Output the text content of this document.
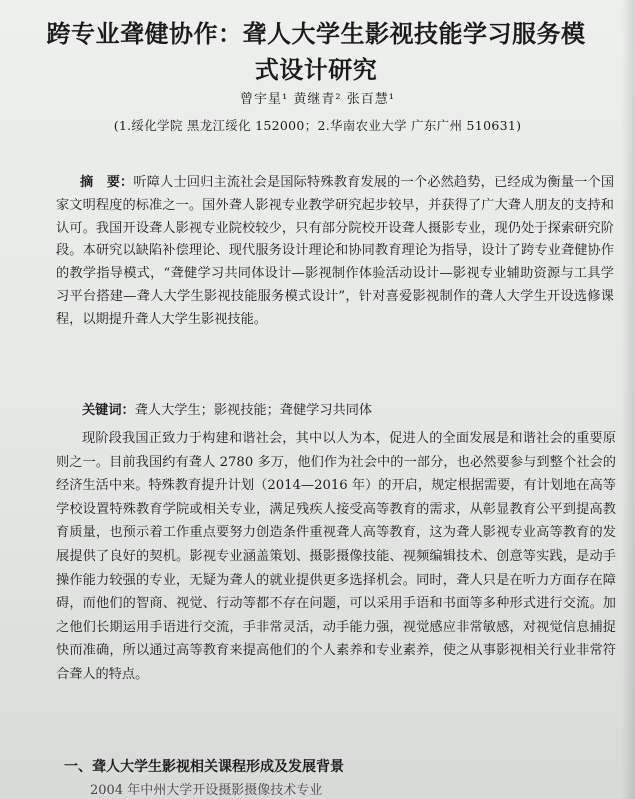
跨专业聋健协作：聋人大学生影视技能学习服务模式设计研究
曾宇星¹ 黄继青² 张百慧¹
(1.绥化学院 黑龙江绥化 152000；2.华南农业大学 广东广州 510631)
摘　要：听障人士回归主流社会是国际特殊教育发展的一个必然趋势，已经成为衡量一个国家文明程度的标准之一。国外聋人影视专业教学研究起步较早，并获得了广大聋人朋友的支持和认可。我国开设聋人影视专业院校较少，只有部分院校开设聋人摄影专业，现仍处于探索研究阶段。本研究以缺陷补偿理论、现代服务设计理论和协同教育理论为指导，设计了跨专业聋健协作的教学指导模式，“聋健学习共同体设计—影视制作体验活动设计—影视专业辅助资源与工具学习平台搭建—聋人大学生影视技能服务模式设计”，针对喜爱影视制作的聋人大学生开设选修课程，以期提升聋人大学生影视技能。
关键词：聋人大学生；影视技能；聋健学习共同体
现阶段我国正致力于构建和谐社会，其中以人为本，促进人的全面发展是和谐社会的重要原则之一。目前我国约有聋人 2780 多万，他们作为社会中的一部分，也必然要参与到整个社会的经济生活中来。特殊教育提升计划（2014—2016 年）的开启，规定根据需要，有计划地在高等学校设置特殊教育学院或相关专业，满足残疾人接受高等教育的需求，从彰显教育公平到提高教育质量，也预示着工作重点要努力创造条件重视聋人高等教育，这为聋人影视专业高等教育的发展提供了良好的契机。影视专业涵盖策划、摄影摄像技能、视频编辑技术、创意等实践，是动手操作能力较强的专业，无疑为聋人的就业提供更多选择机会。同时，聋人只是在听力方面存在障碍，而他们的智商、视觉、行动等都不存在问题，可以采用手语和书面等多种形式进行交流。加之他们长期运用手语进行交流，手非常灵活，动手能力强，视觉感应非常敏感，对视觉信息捕捉快而准确，所以通过高等教育来提高他们的个人素养和专业素养，使之从事影视相关行业非常符合聋人的特点。
一、聋人大学生影视相关课程形成及发展背景
2004 年中州大学开设摄影摄像技术专业
